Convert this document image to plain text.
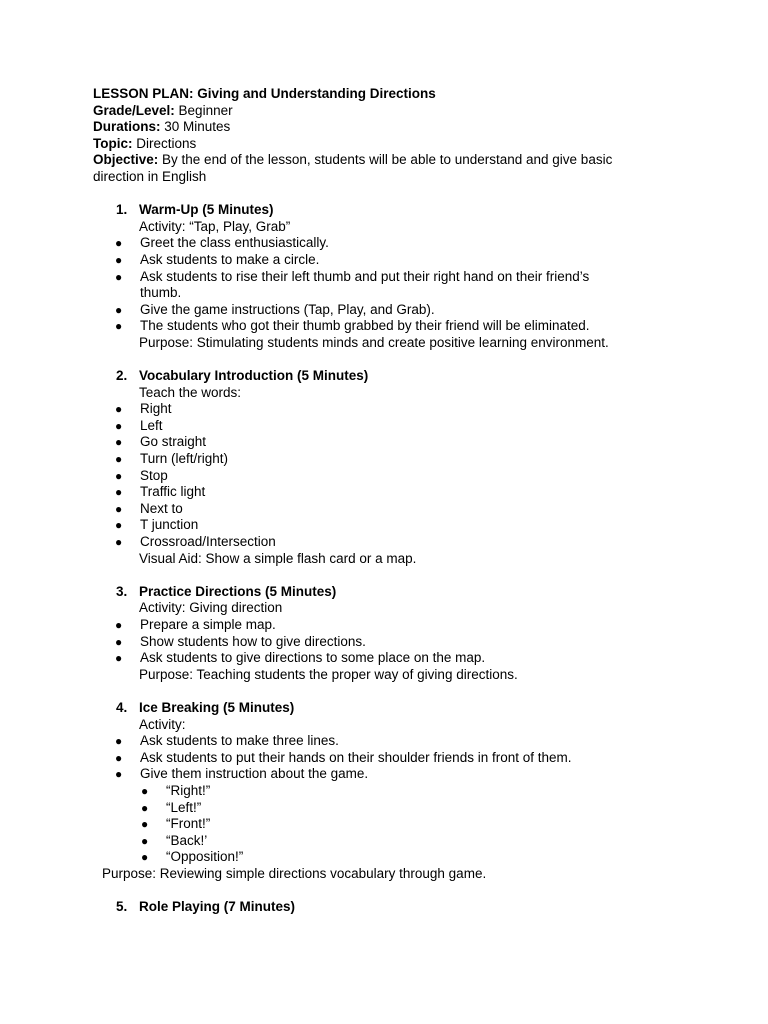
LESSON PLAN: Giving and Understanding Directions
Grade/Level: Beginner
Durations: 30 Minutes
Topic: Directions
Objective: By the end of the lesson, students will be able to understand and give basic
direction in English
1. Warm-Up (5 Minutes)
Activity: “Tap, Play, Grab”
● Greet the class enthusiastically.
● Ask students to make a circle.
● Ask students to rise their left thumb and put their right hand on their friend’s
thumb.
● Give the game instructions (Tap, Play, and Grab).
● The students who got their thumb grabbed by their friend will be eliminated.
Purpose: Stimulating students minds and create positive learning environment.
2. Vocabulary Introduction (5 Minutes)
Teach the words:
● Right
● Left
● Go straight
● Turn (left/right)
● Stop
● Traffic light
● Next to
● T junction
● Crossroad/Intersection
Visual Aid: Show a simple flash card or a map.
3. Practice Directions (5 Minutes)
Activity: Giving direction
● Prepare a simple map.
● Show students how to give directions.
● Ask students to give directions to some place on the map.
Purpose: Teaching students the proper way of giving directions.
4. Ice Breaking (5 Minutes)
Activity:
● Ask students to make three lines.
● Ask students to put their hands on their shoulder friends in front of them.
● Give them instruction about the game.
● “Right!”
● “Left!”
● “Front!”
● “Back!’
● “Opposition!”
Purpose: Reviewing simple directions vocabulary through game.
5. Role Playing (7 Minutes)
